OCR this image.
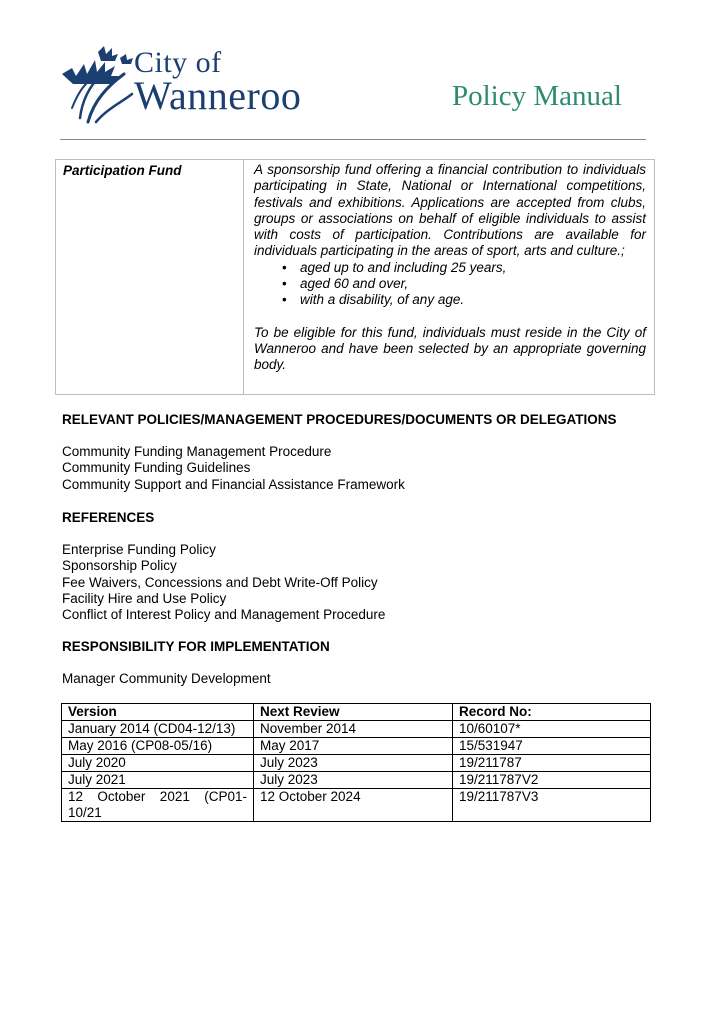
City of
Wanneroo	Policy Manual
Participation Fund	A sponsorship fund offering a financial contribution to individuals participating in State, National or International competitions, festivals and exhibitions. Applications are accepted from clubs, groups or associations on behalf of eligible individuals to assist with costs of participation. Contributions are available for individuals participating in the areas of sport, arts and culture.;

• aged up to and including 25 years,
• aged 60 and over,
• with a disability, of any age.

To be eligible for this fund, individuals must reside in the City of Wanneroo and have been selected by an appropriate governing body.

RELEVANT POLICIES/MANAGEMENT PROCEDURES/DOCUMENTS OR DELEGATIONS
Community Funding Management Procedure
Community Funding Guidelines
Community Support and Financial Assistance Framework
REFERENCES
Enterprise Funding Policy
Sponsorship Policy
Fee Waivers, Concessions and Debt Write-Off Policy
Facility Hire and Use Policy
Conflict of Interest Policy and Management Procedure
RESPONSIBILITY FOR IMPLEMENTATION
Manager Community Development
Version	Next Review	Record No:
January 2014 (CD04-12/13)	November 2014	10/60107*
May 2016 (CP08-05/16)	May 2017	15/531947
July 2020	July 2023	19/211787
July 2021	July 2023	19/211787V2

12 October 2021 (CP01-
10/21	12 October 2024	19/211787V3
